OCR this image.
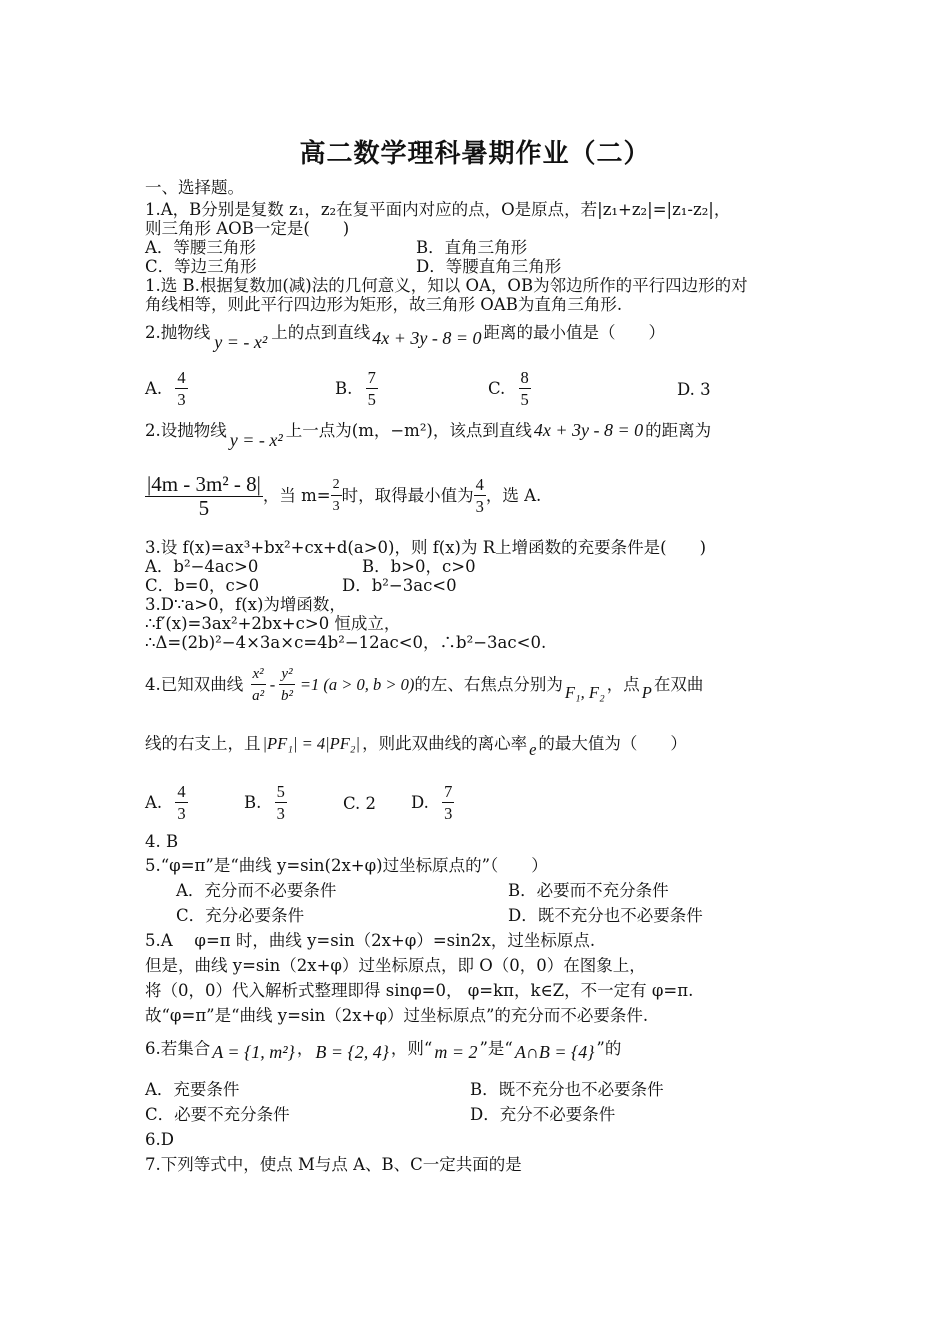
高二数学理科暑期作业（二）
一、选择题。
1.A，B分别是复数 z₁，z₂在复平面内对应的点，O是原点，若|z₁+z₂|=|z₁-z₂|，
则三角形 AOB一定是(　　)
A．等腰三角形	B．直角三角形
C．等边三角形	D．等腰直角三角形
1.选 B.根据复数加(减)法的几何意义，知以 OA，OB为邻边所作的平行四边形的对
角线相等，则此平行四边形为矩形，故三角形 OAB为直角三角形.
2.抛物线 y = - x² 上的点到直线 4x + 3y - 8 = 0 距离的最小值是（　　）
A. $\frac{4}{3}$	B. $\frac{7}{5}$	C. $\frac{8}{5}$	D. 3
2.设抛物线 y = - x² 上一点为(m，−m²)，该点到直线 4x + 3y - 8 = 0 的距离为
$\frac{\text{|4m - 3m² - 8|}}{5}$ ，当 $m= \frac{2}{3}$ 时，取得最小值为 $\frac{4}{3}$ ，选 A.
3.设 f(x)=ax³+bx²+cx+d(a>0)，则 f(x)为 R上增函数的充要条件是(　　)
A．b²−4ac>0	B．b>0，c>0
C．b=0，c>0	D．b²−3ac<0
3.D∵a>0，f(x)为增函数，
∴f′(x)=3ax²+2bx+c>0 恒成立，
∴Δ=(2b)²−4×3a×c=4b²−12ac<0，∴b²−3ac<0.
4.已知双曲线 $\frac{\text{x²}}{\text{a²}} - \frac{\text{y²}}{\text{b²}} =1$ (a > 0, b > 0)的左、右焦点分别为 F₁, F₂ ，点 P 在双曲
线的右支上，且 |PF₁| = 4|PF₂| ，则此双曲线的离心率 e 的最大值为（　　）
A. $\frac{4}{3}$	B. $\frac{5}{3}$	C. 2 D. $\frac{7}{3}$
4. B
5.“φ=π”是“曲线 y=sin(2x+φ)过坐标原点的”（　　）
A．充分而不必要条件	B．必要而不充分条件
C．充分必要条件	D．既不充分也不必要条件
5.A　 φ=π 时，曲线 y=sin（2x+φ）=sin2x，过坐标原点.
但是，曲线 y=sin（2x+φ）过坐标原点，即 O（0，0）在图象上，
将（0，0）代入解析式整理即得 sinφ=0， φ=kπ，k∈Z，不一定有 φ=π.
故“φ=π”是“曲线 y=sin（2x+φ）过坐标原点”的充分而不必要条件.
6.若集合 A = {1, m²} ， B = {2, 4} ，则“ m = 2 ”是“ A∩B = {4} ”的
A．充要条件	B．既不充分也不必要条件
C．必要不充分条件	D．充分不必要条件
6.D
7.下列等式中，使点 M与点 A、B、C一定共面的是
